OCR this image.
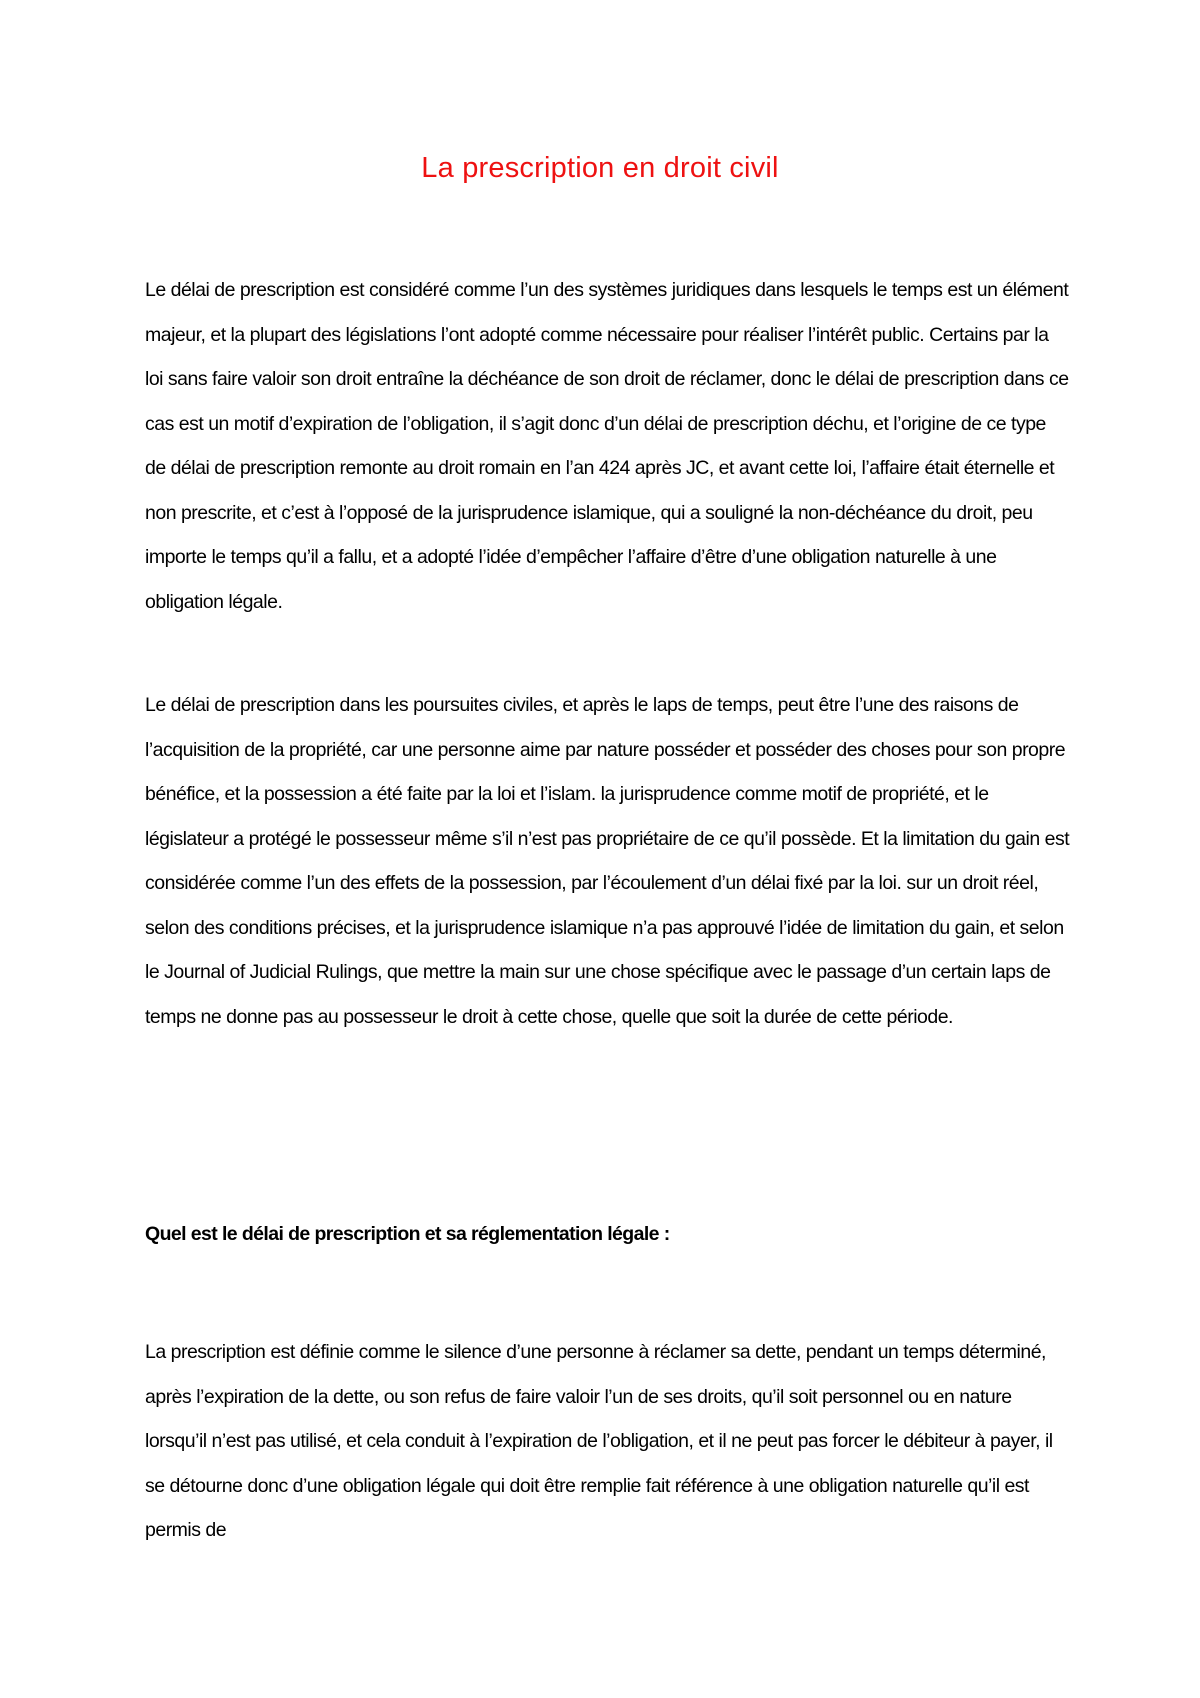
La prescription en droit civil

Le délai de prescription est considéré comme l’un des systèmes juridiques dans lesquels le temps est un élément majeur, et la plupart des législations l’ont adopté comme nécessaire pour réaliser l’intérêt public. Certains par la loi sans faire valoir son droit entraîne la déchéance de son droit de réclamer, donc le délai de prescription dans ce cas est un motif d’expiration de l’obligation, il s’agit donc d’un délai de prescription déchu, et l’origine de ce type de délai de prescription remonte au droit romain en l’an 424 après JC, et avant cette loi, l’affaire était éternelle et non prescrite, et c’est à l’opposé de la jurisprudence islamique, qui a souligné la non-déchéance du droit, peu importe le temps qu’il a fallu, et a adopté l’idée d’empêcher l’affaire d’être d’une obligation naturelle à une obligation légale.

Le délai de prescription dans les poursuites civiles, et après le laps de temps, peut être l’une des raisons de l’acquisition de la propriété, car une personne aime par nature posséder et posséder des choses pour son propre bénéfice, et la possession a été faite par la loi et l’islam. la jurisprudence comme motif de propriété, et le législateur a protégé le possesseur même s’il n’est pas propriétaire de ce qu’il possède. Et la limitation du gain est considérée comme l’un des effets de la possession, par l’écoulement d’un délai fixé par la loi. sur un droit réel, selon des conditions précises, et la jurisprudence islamique n’a pas approuvé l’idée de limitation du gain, et selon le Journal of Judicial Rulings, que mettre la main sur une chose spécifique avec le passage d’un certain laps de temps ne donne pas au possesseur le droit à cette chose, quelle que soit la durée de cette période.

Quel est le délai de prescription et sa réglementation légale :

La prescription est définie comme le silence d’une personne à réclamer sa dette, pendant un temps déterminé, après l’expiration de la dette, ou son refus de faire valoir l’un de ses droits, qu’il soit personnel ou en nature lorsqu’il n’est pas utilisé, et cela conduit à l’expiration de l’obligation, et il ne peut pas forcer le débiteur à payer, il se détourne donc d’une obligation légale qui doit être remplie fait référence à une obligation naturelle qu’il est permis de
